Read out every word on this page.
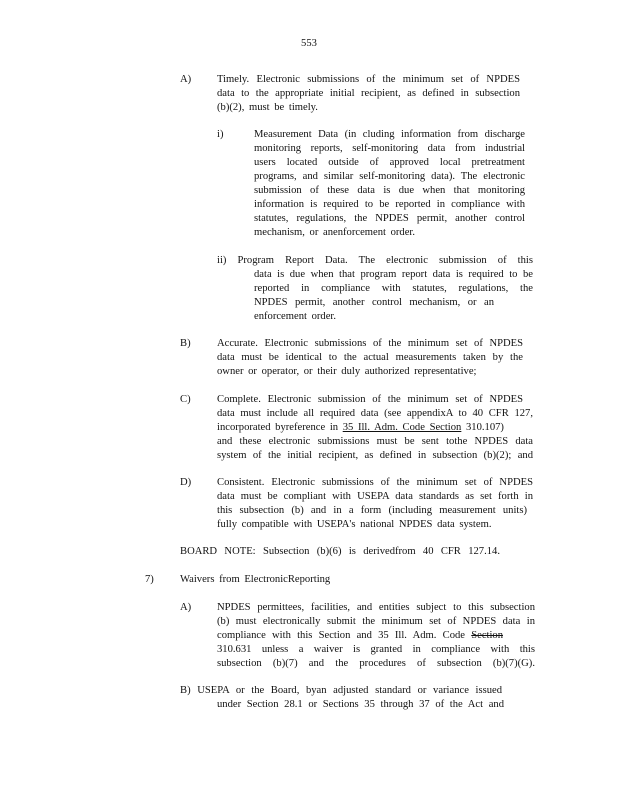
553
A) Timely. Electronic submissions of the minimum set of NPDES
data to the appropriate initial recipient, as defined in subsection
(b)(2), must be timely.
i)	Measurement Data (in cluding information from discharge
monitoring reports, self-monitoring data from industrial
users located outside of approved local pretreatment
programs, and similar self-monitoring data). The electronic
submission of these data is due when that monitoring
information is required to be reported in compliance with
statutes, regulations, the NPDES permit, another control
mechanism, or anenforcement order.
ii) Program Report Data. The electronic submission of this
data is due when that program report data is required to be
reported in compliance with statutes, regulations, the
NPDES permit, another control mechanism, or an
enforcement order.
B) Accurate. Electronic submissions of the minimum set of NPDES
data must be identical to the actual measurements taken by the
owner or operator, or their duly authorized representative;
C) Complete. Electronic submission of the minimum set of NPDES
data must include all required data (see appendixA to 40 CFR 127,
incorporated byreference in 35 Ill. Adm. Code Section 310.107)
and these electronic submissions must be sent tothe NPDES data
system of the initial recipient, as defined in subsection (b)(2); and
D) Consistent. Electronic submissions of the minimum set of NPDES
data must be compliant with USEPA data standards as set forth in
this subsection (b) and in a form (including measurement units)
fully compatible with USEPA's national NPDES data system.
BOARD NOTE: Subsection (b)(6) is derivedfrom 40 CFR 127.14.
7) Waivers from ElectronicReporting
A) NPDES permittees, facilities, and entities subject to this subsection
(b) must electronically submit the minimum set of NPDES data in
compliance with this Section and 35 Ill. Adm. Code Section
310.631 unless a waiver is granted in compliance with this
subsection (b)(7) and the procedures of subsection (b)(7)(G).
B) USEPA or the Board, byan adjusted standard or variance issued
under Section 28.1 or Sections 35 through 37 of the Act and
